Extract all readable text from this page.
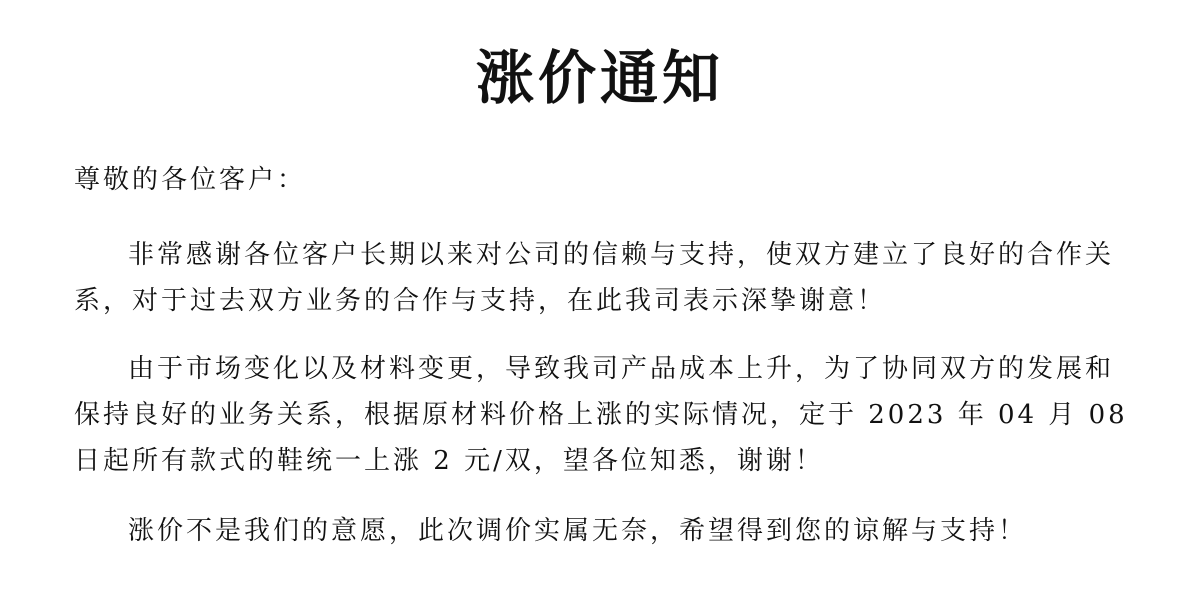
涨价通知

尊敬的各位客户：

非常感谢各位客户长期以来对公司的信赖与支持，使双方建立了良好的合作关系，对于过去双方业务的合作与支持，在此我司表示深挚谢意！

由于市场变化以及材料变更，导致我司产品成本上升，为了协同双方的发展和保持良好的业务关系，根据原材料价格上涨的实际情况，定于 2023 年 04 月 08 日起所有款式的鞋统一上涨 2 元/双，望各位知悉，谢谢！

涨价不是我们的意愿，此次调价实属无奈，希望得到您的谅解与支持！
